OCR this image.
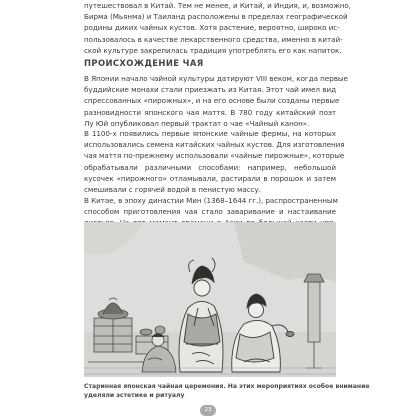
путешествовал в Китай. Тем не менее, и Китай, и Индия, и, возможно,
Бирма (Мьянма) и Таиланд расположены в пределах географической
родины диких чайных кустов. Хотя растение, вероятно, широко ис-
пользовалось в качестве лекарственного средства, именно в китай-
ской культуре закрепилась традиция употреблять его как напиток.
ПРОИСХОЖДЕНИЕ ЧАЯ
В Японии начало чайной культуры датируют VIII веком, когда первые
буддийские монахи стали приезжать из Китая. Этот чай имел вид
спрессованных «пирожных», и на его основе были созданы первые
разновидности японского чая маття. В 780 году китайский поэт
Лу Юй опубликовал первый трактат о чае «Чайный канон».
В 1100-х появились первые японские чайные фермы, на которых
использовались семена китайских чайных кустов. Для изготовления
чая маття по-прежнему использовали «чайные пирожные», которые
обрабатывали различными способами: например, небольшой
кусочек «пирожного» отламывали, растирали в порошок и затем
смешивали с горячей водой в пенистую массу.
В Китае, в эпоху династии Мин (1368–1644 гг.), распространенным
способом приготовления чая стало заваривание и настаивание
Старинная японская чайная церемония. На этих мероприятиях особое внимание
уделяли эстетике и ритуалу
23
